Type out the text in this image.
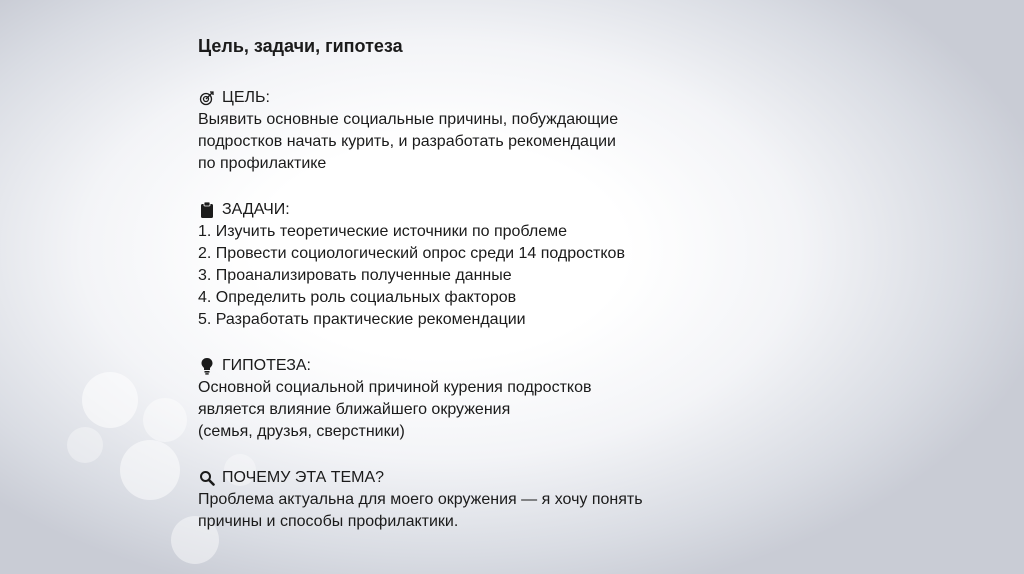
Цель, задачи, гипотеза
ЦЕЛЬ:
Выявить основные социальные причины, побуждающие
подростков начать курить, и разработать рекомендации
по профилактике
ЗАДАЧИ:
1. Изучить теоретические источники по проблеме
2. Провести социологический опрос среди 14 подростков
3. Проанализировать полученные данные
4. Определить роль социальных факторов
5. Разработать практические рекомендации
ГИПОТЕЗА:
Основной социальной причиной курения подростков
является влияние ближайшего окружения
(семья, друзья, сверстники)
ПОЧЕМУ ЭТА ТЕМА?
Проблема актуальна для моего окружения — я хочу понять
причины и способы профилактики.
